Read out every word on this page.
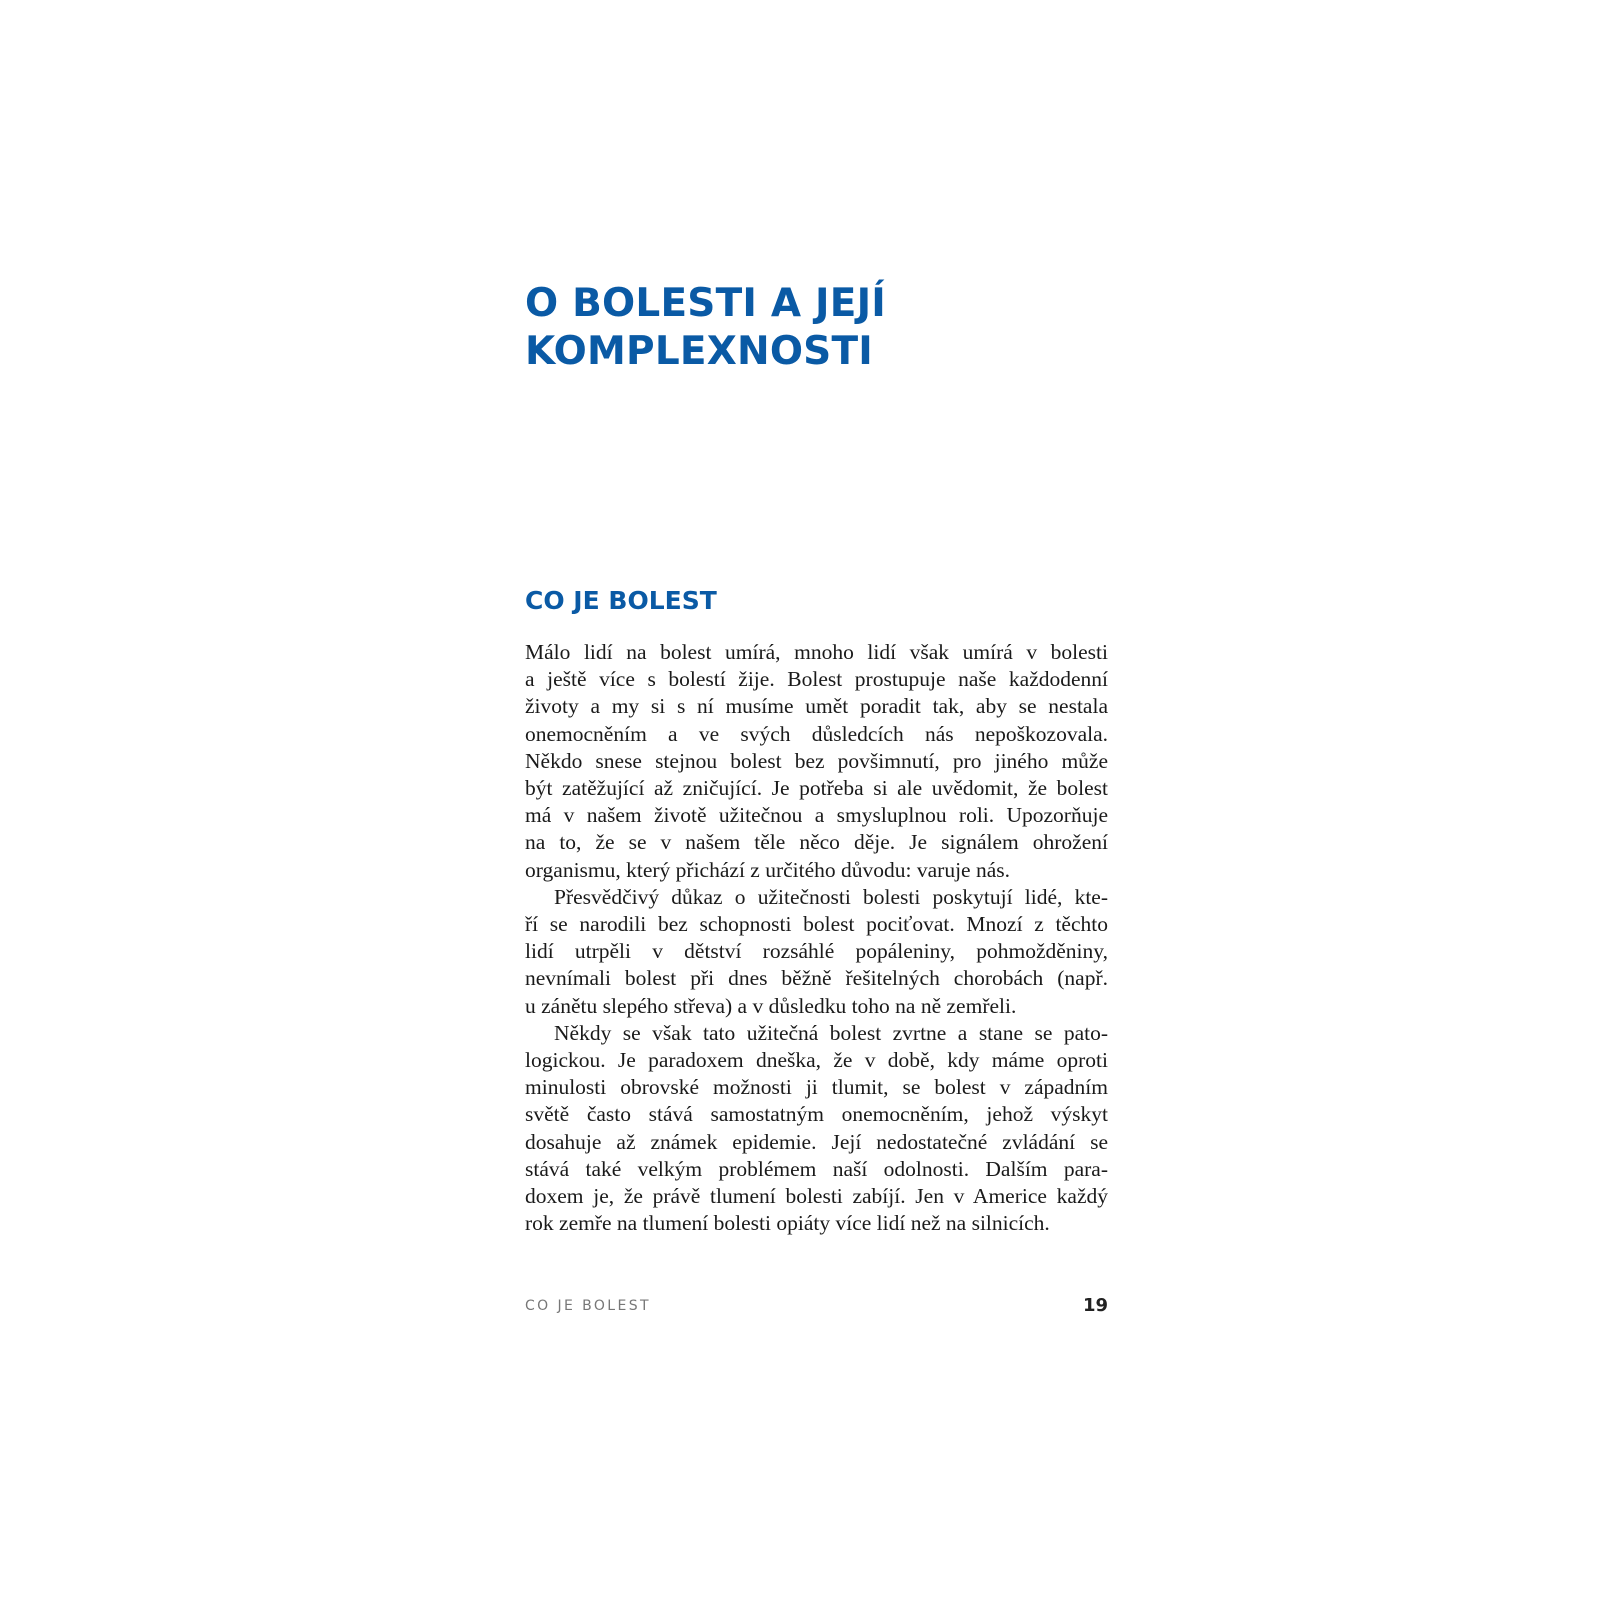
O BOLESTI A JEJÍ
KOMPLEXNOSTI
CO JE BOLEST

Málo lidí na bolest umírá, mnoho lidí však umírá v bolesti
a ještě více s bolestí žije. Bolest prostupuje naše každodenní
životy a my si s ní musíme umět poradit tak, aby se nestala
onemocněním a ve svých důsledcích nás nepoškozovala.
Někdo snese stejnou bolest bez povšimnutí, pro jiného může
být zatěžující až zničující. Je potřeba si ale uvědomit, že bolest
má v našem životě užitečnou a smysluplnou roli. Upozorňuje
na to, že se v našem těle něco děje. Je signálem ohrožení
organismu, který přichází z určitého důvodu: varuje nás.

Přesvědčivý důkaz o užitečnosti bolesti poskytují lidé, kte-
ří se narodili bez schopnosti bolest pociťovat. Mnozí z těchto
lidí utrpěli v dětství rozsáhlé popáleniny, pohmožděniny,
nevnímali bolest při dnes běžně řešitelných chorobách (např.
u zánětu slepého střeva) a v důsledku toho na ně zemřeli.

Někdy se však tato užitečná bolest zvrtne a stane se pato-
logickou. Je paradoxem dneška, že v době, kdy máme oproti
minulosti obrovské možnosti ji tlumit, se bolest v západním
světě často stává samostatným onemocněním, jehož výskyt
dosahuje až známek epidemie. Její nedostatečné zvládání se
stává také velkým problémem naší odolnosti. Dalším para-
doxem je, že právě tlumení bolesti zabíjí. Jen v Americe každý
rok zemře na tlumení bolesti opiáty více lidí než na silnicích.

CO JE BOLEST	19
